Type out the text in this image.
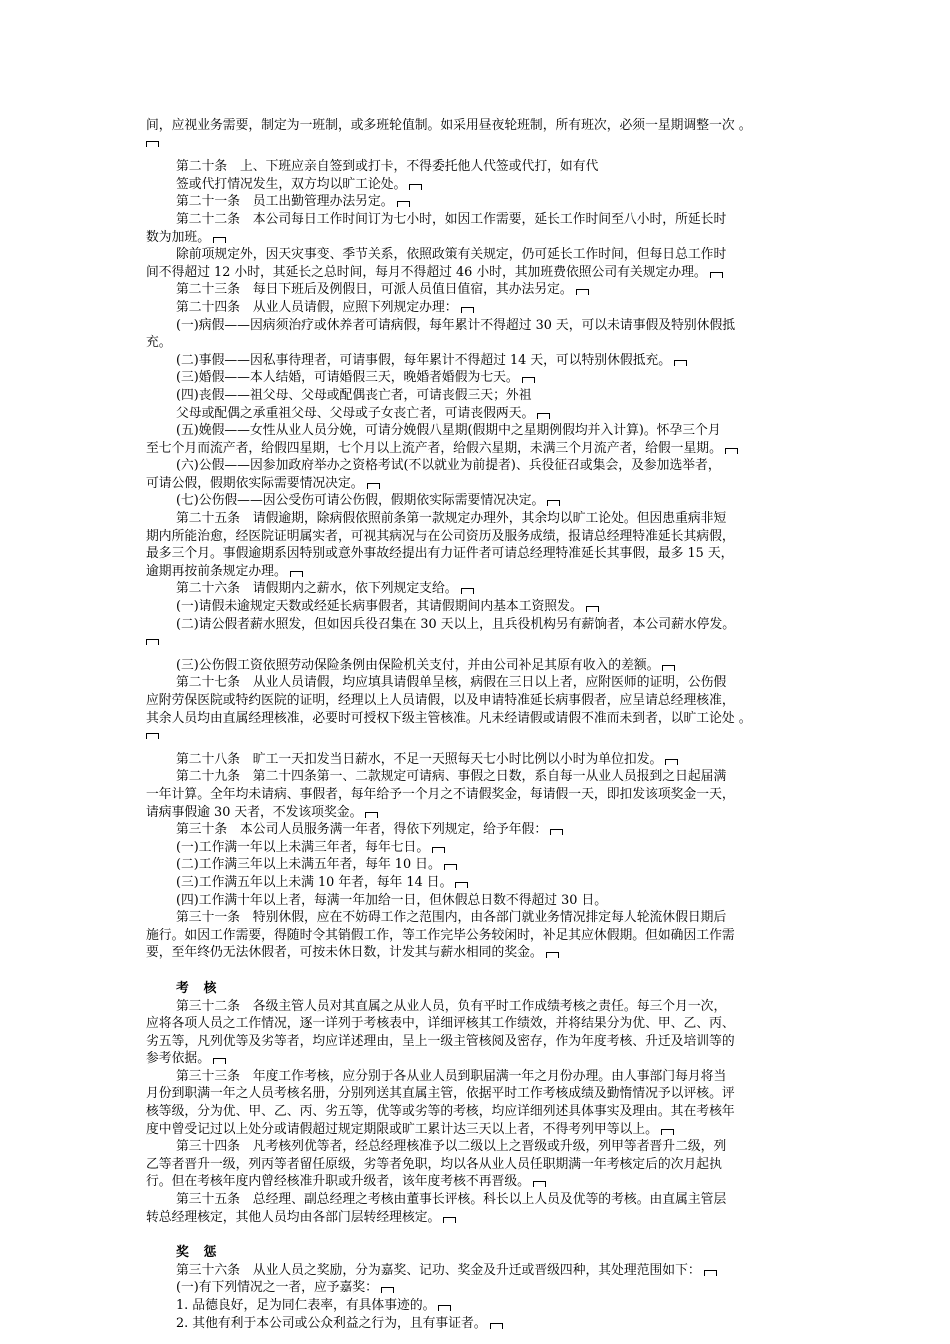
间，应视业务需要，制定为一班制，或多班轮值制。如采用昼夜轮班制，所有班次，必须一星期调整一次 。
第二十条　上、下班应亲自签到或打卡，不得委托他人代签或代打，如有代
签或代打情况发生，双方均以旷工论处。
第二十一条　员工出勤管理办法另定。
第二十二条　本公司每日工作时间订为七小时，如因工作需要，延长工作时间至八小时，所延长时
数为加班。
除前项规定外，因天灾事变、季节关系，依照政策有关规定，仍可延长工作时间，但每日总工作时
间不得超过 12 小时，其延长之总时间，每月不得超过 46 小时，其加班费依照公司有关规定办理。
第二十三条　每日下班后及例假日，可派人员值日值宿，其办法另定。
第二十四条　从业人员请假，应照下列规定办理：
(一)病假——因病须治疗或休养者可请病假，每年累计不得超过 30 天，可以未请事假及特别休假抵
充。
(二)事假——因私事待理者，可请事假，每年累计不得超过 14 天，可以特别休假抵充。
(三)婚假——本人结婚，可请婚假三天，晚婚者婚假为七天。
(四)丧假——祖父母、父母或配偶丧亡者，可请丧假三天；外祖
父母或配偶之承重祖父母、父母或子女丧亡者，可请丧假两天。
(五)娩假——女性从业人员分娩，可请分娩假八星期(假期中之星期例假均并入计算)。怀孕三个月
至七个月而流产者，给假四星期，七个月以上流产者，给假六星期，未满三个月流产者，给假一星期。
(六)公假——因参加政府举办之资格考试(不以就业为前提者)、兵役征召或集会，及参加选举者，
可请公假，假期依实际需要情况决定。
(七)公伤假——因公受伤可请公伤假，假期依实际需要情况决定。
第二十五条　请假逾期，除病假依照前条第一款规定办理外，其余均以旷工论处。但因患重病非短
期内所能治愈，经医院证明属实者，可视其病况与在公司资历及服务成绩，报请总经理特准延长其病假，
最多三个月。事假逾期系因特别或意外事故经提出有力证件者可请总经理特准延长其事假，最多 15 天，
逾期再按前条规定办理。
第二十六条　请假期内之薪水，依下列规定支给。
(一)请假未逾规定天数或经延长病事假者，其请假期间内基本工资照发。
(二)请公假者薪水照发，但如因兵役召集在 30 天以上，且兵役机构另有薪饷者，本公司薪水停发。
(三)公伤假工资依照劳动保险条例由保险机关支付，并由公司补足其原有收入的差额。
第二十七条　从业人员请假，均应填具请假单呈核，病假在三日以上者，应附医师的证明，公伤假
应附劳保医院或特约医院的证明，经理以上人员请假，以及申请特准延长病事假者，应呈请总经理核准，
其余人员均由直属经理核准，必要时可授权下级主管核准。凡未经请假或请假不准而未到者，以旷工论处 。
第二十八条　旷工一天扣发当日薪水，不足一天照每天七小时比例以小时为单位扣发。
第二十九条　第二十四条第一、二款规定可请病、事假之日数，系自每一从业人员报到之日起届满
一年计算。全年均未请病、事假者，每年给予一个月之不请假奖金，每请假一天，即扣发该项奖金一天，
请病事假逾 30 天者，不发该项奖金。
第三十条　本公司人员服务满一年者，得依下列规定，给予年假：
(一)工作满一年以上未满三年者，每年七日。
(二)工作满三年以上未满五年者，每年 10 日。
(三)工作满五年以上未满 10 年者，每年 14 日。
(四)工作满十年以上者，每满一年加给一日，但休假总日数不得超过 30 日。
第三十一条　特别休假，应在不妨碍工作之范围内，由各部门就业务情况排定每人轮流休假日期后
施行。如因工作需要，得随时令其销假工作，等工作完毕公务较闲时，补足其应休假期。但如确因工作需
要，至年终仍无法休假者，可按未休日数，计发其与薪水相同的奖金。
考　核
第三十二条　各级主管人员对其直属之从业人员，负有平时工作成绩考核之责任。每三个月一次，
应将各项人员之工作情况，逐一详列于考核表中，详细评核其工作绩效，并将结果分为优、甲、乙、丙、
劣五等，凡列优等及劣等者，均应详述理由，呈上一级主管核阅及密存，作为年度考核、升迁及培训等的
参考依据。
第三十三条　年度工作考核，应分别于各从业人员到职届满一年之月份办理。由人事部门每月将当
月份到职满一年之人员考核名册，分别列送其直属主管，依据平时工作考核成绩及勤惰情况予以评核。评
核等级，分为优、甲、乙、丙、劣五等，优等或劣等的考核，均应详细列述具体事实及理由。其在考核年
度中曾受记过以上处分或请假超过规定期限或旷工累计达三天以上者，不得考列甲等以上。
第三十四条　凡考核列优等者，经总经理核准予以二级以上之晋级或升级，列甲等者晋升二级，列
乙等者晋升一级，列丙等者留任原级，劣等者免职，均以各从业人员任职期满一年考核定后的次月起执
行。但在考核年度内曾经核准升职或升级者，该年度考核不再晋级。
第三十五条　总经理、副总经理之考核由董事长评核。科长以上人员及优等的考核。由直属主管层
转总经理核定，其他人员均由各部门层转经理核定。
奖　惩
第三十六条　从业人员之奖励，分为嘉奖、记功、奖金及升迁或晋级四种，其处理范围如下：
(一)有下列情况之一者，应予嘉奖：
1. 品德良好，足为同仁表率，有具体事迹的。
2. 其他有利于本公司或公众利益之行为，且有事证者。
